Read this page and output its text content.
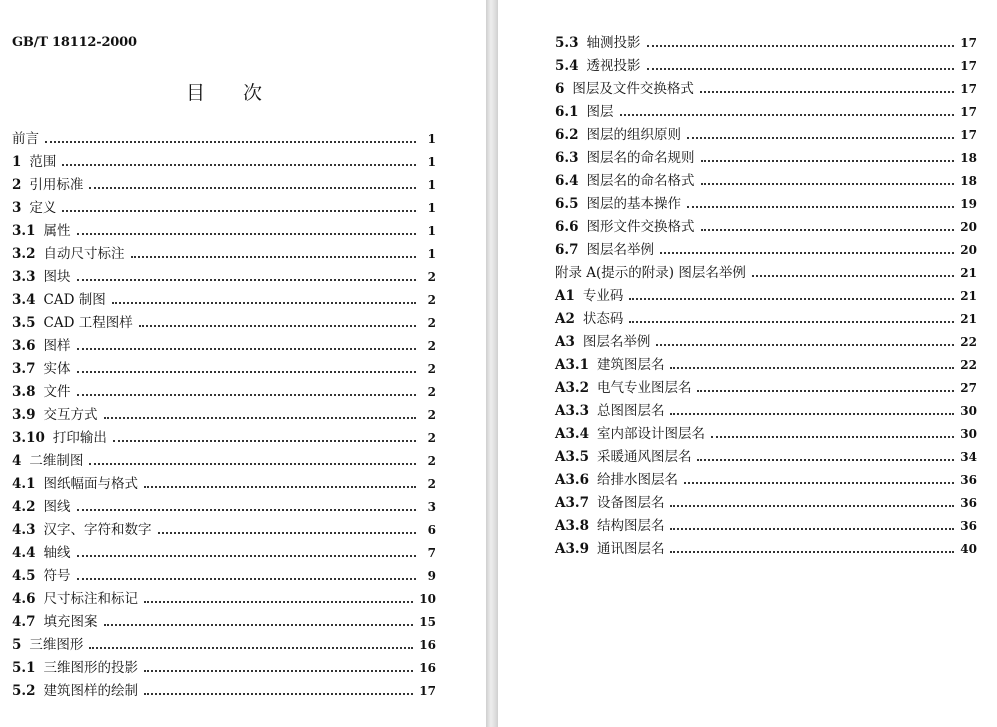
GB/T 18112-2000
目 次
前言	1
1 范围	1
2 引用标准	1
3 定义	1
3.1 属性	1
3.2 自动尺寸标注	1
3.3 图块	2
3.4 CAD 制图	2
3.5 CAD 工程图样	2
3.6 图样	2
3.7 实体	2
3.8 文件	2
3.9 交互方式	2
3.10 打印输出	2
4 二维制图	2
4.1 图纸幅面与格式	2
4.2 图线	3
4.3 汉字、字符和数字	6
4.4 轴线	7
4.5 符号	9
4.6 尺寸标注和标记	10
4.7 填充图案	15
5 三维图形	16
5.1 三维图形的投影	16
5.2 建筑图样的绘制	17
5.3 轴测投影	17
5.4 透视投影	17
6 图层及文件交换格式	17
6.1 图层	17
6.2 图层的组织原则	17
6.3 图层名的命名规则	18
6.4 图层名的命名格式	18
6.5 图层的基本操作	19
6.6 图形文件交换格式	20
6.7 图层名举例	20
附录 A(提示的附录) 图层名举例	21
A1 专业码	21
A2 状态码	21
A3 图层名举例	22
A3.1 建筑图层名	22
A3.2 电气专业图层名	27
A3.3 总图图层名	30
A3.4 室内部设计图层名	30
A3.5 采暖通风图层名	34
A3.6 给排水图层名	36
A3.7 设备图层名	36
A3.8 结构图层名	36
A3.9 通讯图层名	40
